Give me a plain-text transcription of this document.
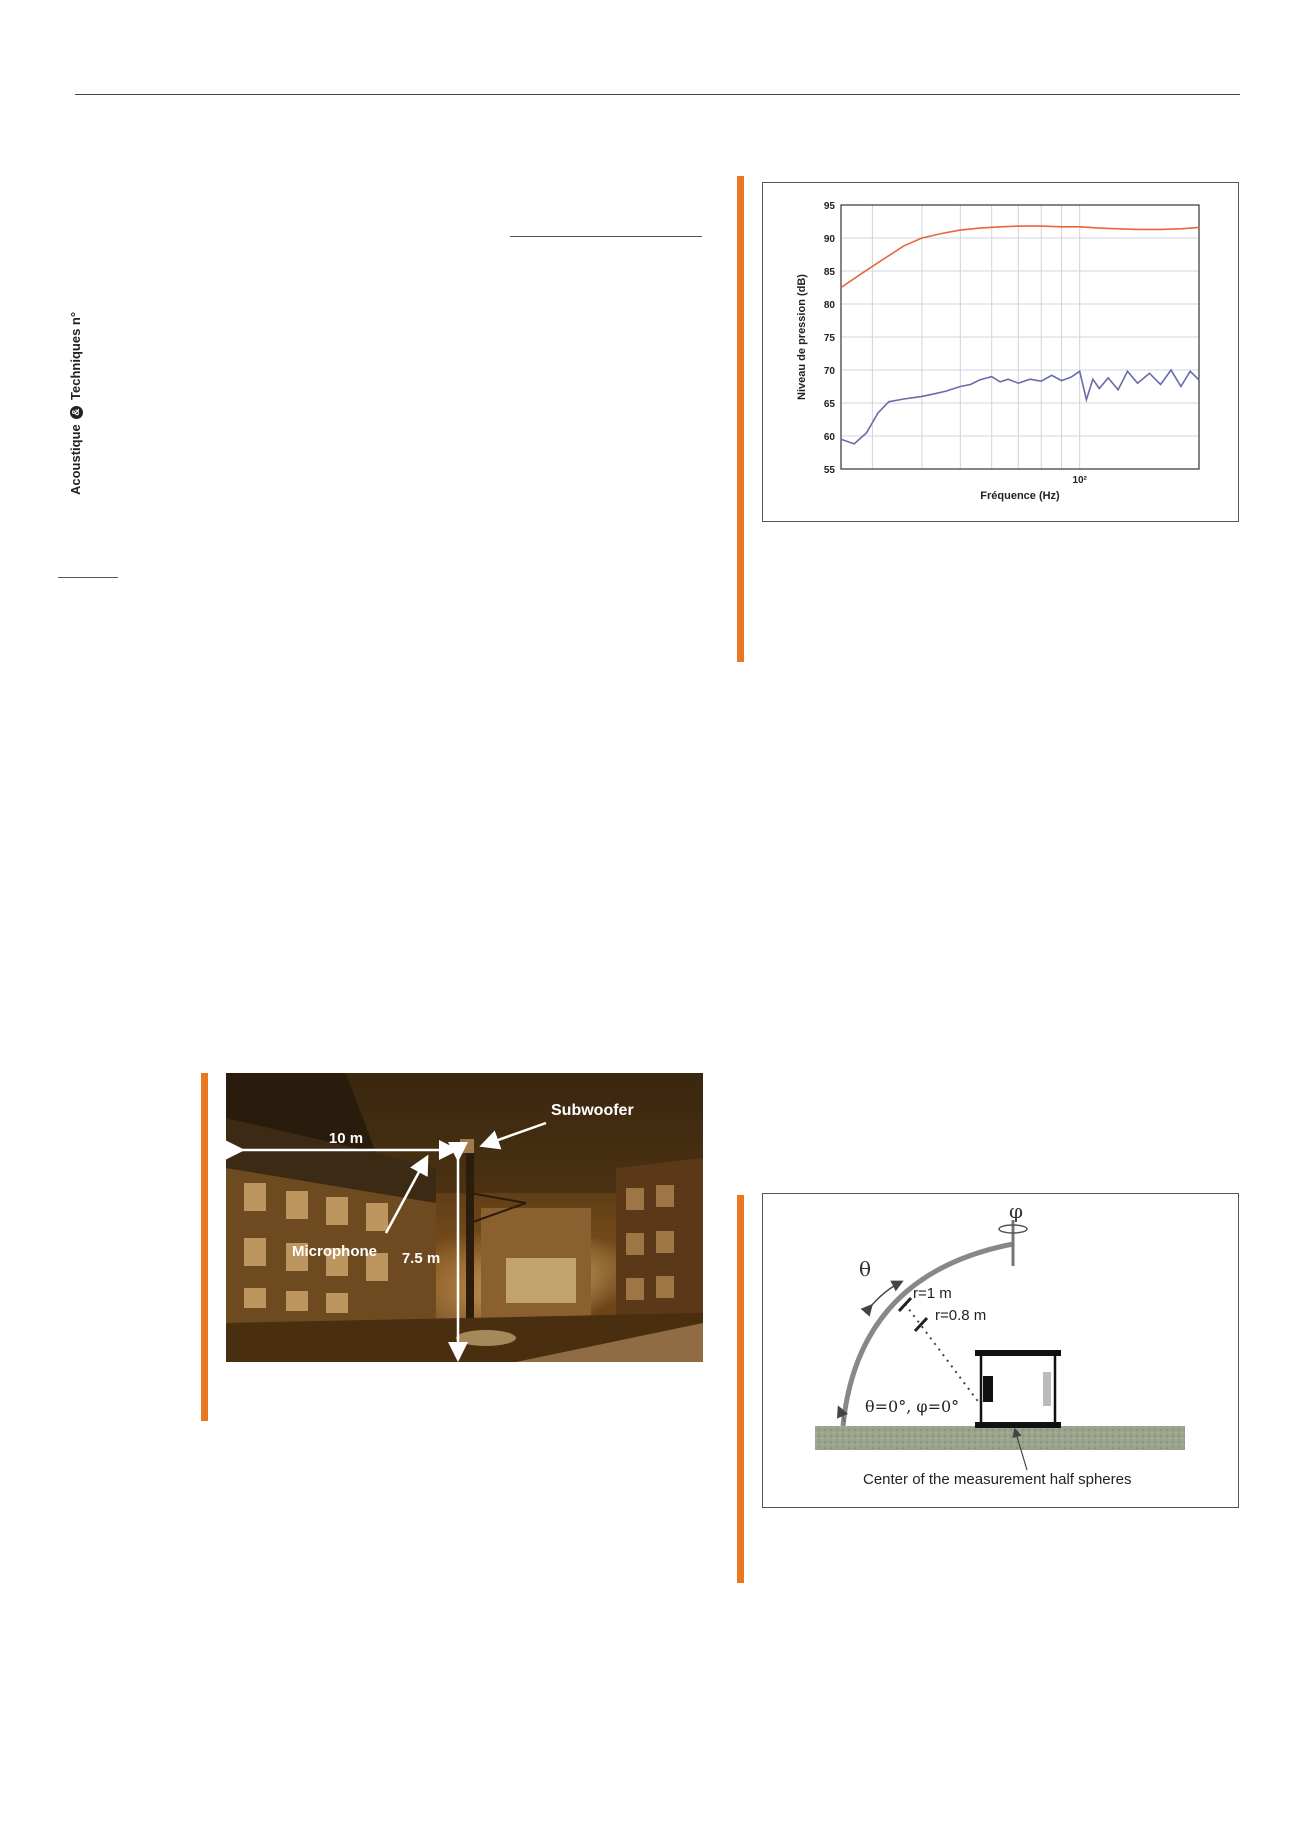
Acoustique & Techniques n°
55
60
65
70
75
80
85
90
95
10²
Fréquence (Hz)
Niveau de pression (dB)
10 m
7.5 m
Subwoofer
Microphone
φ
θ
r=1 m
r=0.8 m
θ=0°, φ=0°
Center of the measurement half spheres
